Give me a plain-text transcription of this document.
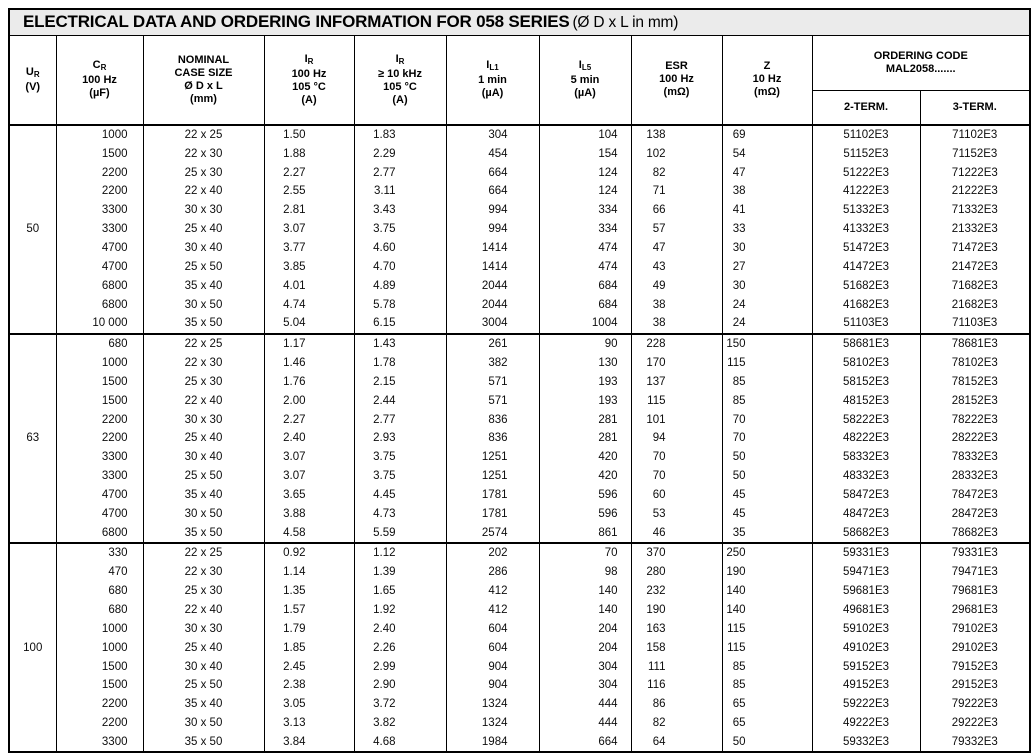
ELECTRICAL DATA AND ORDERING INFORMATION FOR 058 SERIES (Ø D x L in mm)										

$U_R$
(V)

$C_R$
100 Hz
(µF)

NOMINAL
CASE SIZE
Ø D x L
(mm)

$I_R$
100 Hz
105 °C
(A)

$I_R$
≥ 10 kHz
105 °C
(A)

$I_{L1}$
1 min
(µA)

$I_{L5}$
5 min
(µA)

ESR
100 Hz
(mΩ)

Z
10 Hz
(mΩ)

ORDERING CODE
MAL2058.......

									2-TERM.	3-TERM.
50	1000	22 x 25	1.50	1.83	304	104	138	69	51102E3	71102E3
	1500	22 x 30	1.88	2.29	454	154	102	54	51152E3	71152E3
	2200	25 x 30	2.27	2.77	664	124	82	47	51222E3	71222E3
	2200	22 x 40	2.55	3.11	664	124	71	38	41222E3	21222E3
	3300	30 x 30	2.81	3.43	994	334	66	41	51332E3	71332E3
	3300	25 x 40	3.07	3.75	994	334	57	33	41332E3	21332E3
	4700	30 x 40	3.77	4.60	1414	474	47	30	51472E3	71472E3
	4700	25 x 50	3.85	4.70	1414	474	43	27	41472E3	21472E3
	6800	35 x 40	4.01	4.89	2044	684	49	30	51682E3	71682E3
	6800	30 x 50	4.74	5.78	2044	684	38	24	41682E3	21682E3
	10 000	35 x 50	5.04	6.15	3004	1004	38	24	51103E3	71103E3
63	680	22 x 25	1.17	1.43	261	90	228	150	58681E3	78681E3
	1000	22 x 30	1.46	1.78	382	130	170	115	58102E3	78102E3
	1500	25 x 30	1.76	2.15	571	193	137	85	58152E3	78152E3
	1500	22 x 40	2.00	2.44	571	193	115	85	48152E3	28152E3
	2200	30 x 30	2.27	2.77	836	281	101	70	58222E3	78222E3
	2200	25 x 40	2.40	2.93	836	281	94	70	48222E3	28222E3
	3300	30 x 40	3.07	3.75	1251	420	70	50	58332E3	78332E3
	3300	25 x 50	3.07	3.75	1251	420	70	50	48332E3	28332E3
	4700	35 x 40	3.65	4.45	1781	596	60	45	58472E3	78472E3
	4700	30 x 50	3.88	4.73	1781	596	53	45	48472E3	28472E3
	6800	35 x 50	4.58	5.59	2574	861	46	35	58682E3	78682E3
100	330	22 x 25	0.92	1.12	202	70	370	250	59331E3	79331E3
	470	22 x 30	1.14	1.39	286	98	280	190	59471E3	79471E3
	680	25 x 30	1.35	1.65	412	140	232	140	59681E3	79681E3
	680	22 x 40	1.57	1.92	412	140	190	140	49681E3	29681E3
	1000	30 x 30	1.79	2.40	604	204	163	115	59102E3	79102E3
	1000	25 x 40	1.85	2.26	604	204	158	115	49102E3	29102E3
	1500	30 x 40	2.45	2.99	904	304	111	85	59152E3	79152E3
	1500	25 x 50	2.38	2.90	904	304	116	85	49152E3	29152E3
	2200	35 x 40	3.05	3.72	1324	444	86	65	59222E3	79222E3
	2200	30 x 50	3.13	3.82	1324	444	82	65	49222E3	29222E3
	3300	35 x 50	3.84	4.68	1984	664	64	50	59332E3	79332E3
